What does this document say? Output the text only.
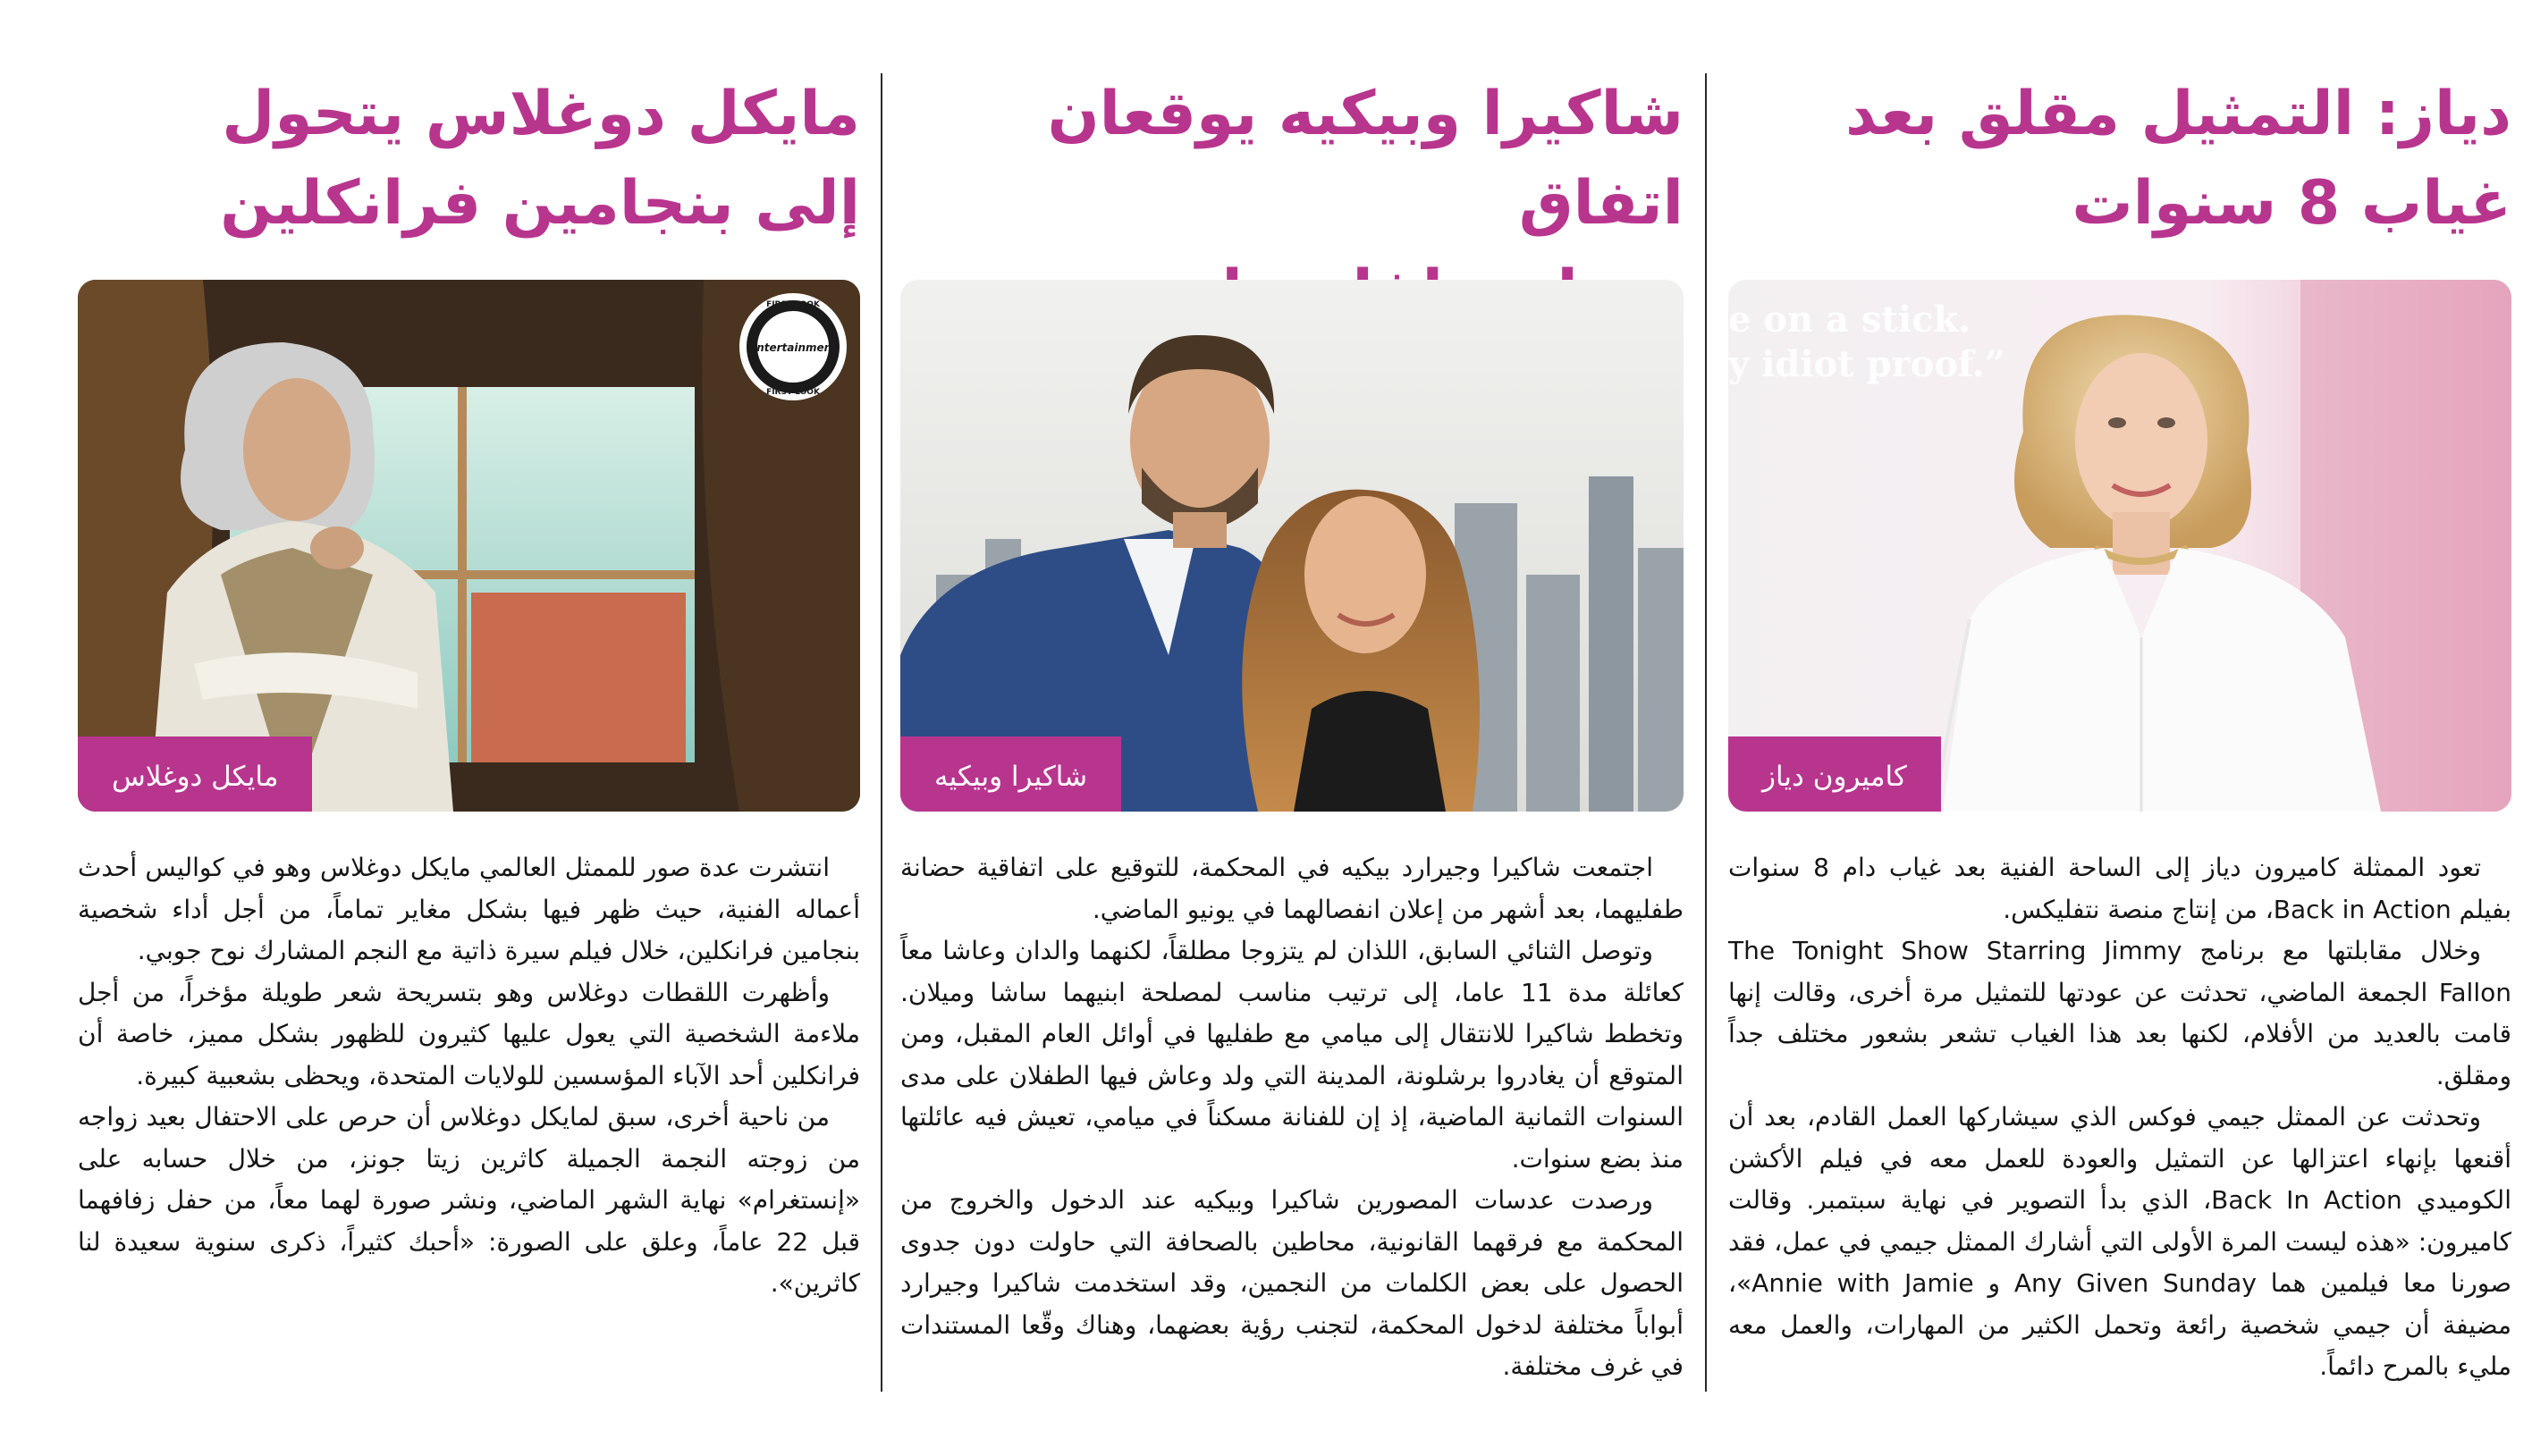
دياز: التمثيل مقلق بعد
غياب 8 سنوات
e on a stick.
y idiot proof.”
كاميرون دياز

تعود الممثلة كاميرون دياز إلى الساحة الفنية بعد غياب دام 8 سنوات بفيلم Back in Action، من إنتاج منصة نتفليكس.

وخلال مقابلتها مع برنامج The Tonight Show Starring Jimmy Fallon الجمعة الماضي، تحدثت عن عودتها للتمثيل مرة أخرى، وقالت إنها قامت بالعديد من الأفلام، لكنها بعد هذا الغياب تشعر بشعور مختلف جداً ومقلق.

وتحدثت عن الممثل جيمي فوكس الذي سيشاركها العمل القادم، بعد أن أقنعها بإنهاء اعتزالها عن التمثيل والعودة للعمل معه في فيلم الأكشن الكوميدي Back In Action، الذي بدأ التصوير في نهاية سبتمبر. وقالت كاميرون: «هذه ليست المرة الأولى التي أشارك الممثل جيمي في عمل، فقد صورنا معا فيلمين هما Any Given Sunday و Annie with Jamie»، مضيفة أن جيمي شخصية رائعة وتحمل الكثير من المهارات، والعمل معه مليء بالمرح دائماً.

شاكيرا وبيكيه يوقعان اتفاق
شاكيرا وبيكيه

اجتمعت شاكيرا وجيرارد بيكيه في المحكمة، للتوقيع على اتفاقية حضانة طفليهما، بعد أشهر من إعلان انفصالهما في يونيو الماضي.

وتوصل الثنائي السابق، اللذان لم يتزوجا مطلقاً، لكنهما والدان وعاشا معاً كعائلة مدة 11 عاما، إلى ترتيب مناسب لمصلحة ابنيهما ساشا وميلان. وتخطط شاكيرا للانتقال إلى ميامي مع طفليها في أوائل العام المقبل، ومن المتوقع أن يغادروا برشلونة، المدينة التي ولد وعاش فيها الطفلان على مدى السنوات الثمانية الماضية، إذ إن للفنانة مسكناً في ميامي، تعيش فيه عائلتها منذ بضع سنوات.

ورصدت عدسات المصورين شاكيرا وبيكيه عند الدخول والخروج من المحكمة مع فرقهما القانونية، محاطين بالصحافة التي حاولت دون جدوى الحصول على بعض الكلمات من النجمين، وقد استخدمت شاكيرا وجيرارد أبواباً مختلفة لدخول المحكمة، لتجنب رؤية بعضهما، وهناك وقّعا المستندات في غرف مختلفة.

مايكل دوغلاس يتحول
إلى بنجامين فرانكلين
FIRST LOOK
Entertainment
FIRST LOOK
مايكل دوغلاس

انتشرت عدة صور للممثل العالمي مايكل دوغلاس وهو في كواليس أحدث أعماله الفنية، حيث ظهر فيها بشكل مغاير تماماً، من أجل أداء شخصية بنجامين فرانكلين، خلال فيلم سيرة ذاتية مع النجم المشارك نوح جوبي.

وأظهرت اللقطات دوغلاس وهو بتسريحة شعر طويلة مؤخراً، من أجل ملاءمة الشخصية التي يعول عليها كثيرون للظهور بشكل مميز، خاصة أن فرانكلين أحد الآباء المؤسسين للولايات المتحدة، ويحظى بشعبية كبيرة.

من ناحية أخرى، سبق لمايكل دوغلاس أن حرص على الاحتفال بعيد زواجه من زوجته النجمة الجميلة كاثرين زيتا جونز، من خلال حسابه على «إنستغرام» نهاية الشهر الماضي، ونشر صورة لهما معاً، من حفل زفافهما قبل 22 عاماً، وعلق على الصورة: «أحبك كثيراً، ذكرى سنوية سعيدة لنا كاثرين».
